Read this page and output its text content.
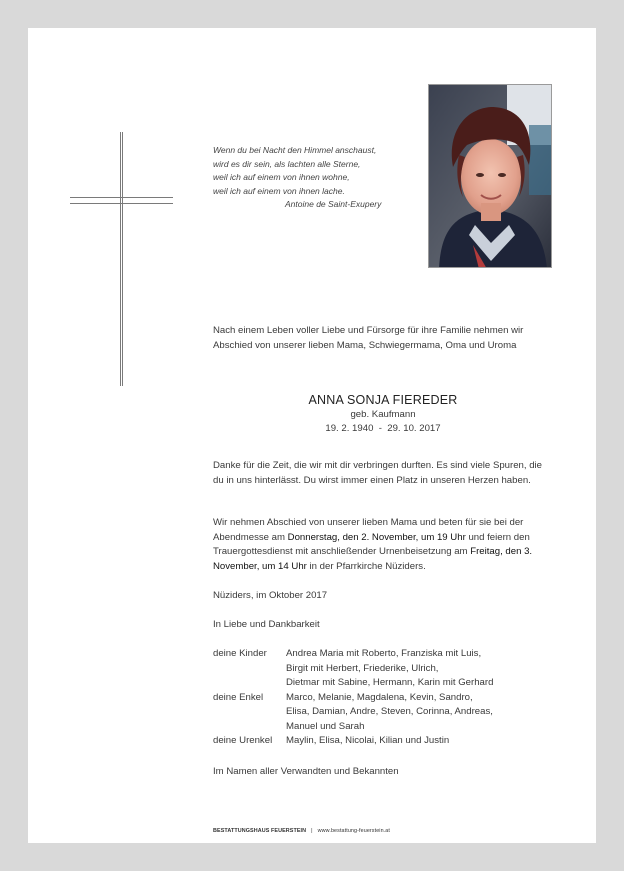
Wenn du bei Nacht den Himmel anschaust,
wird es dir sein, als lachten alle Sterne,
weil ich auf einem von ihnen wohne,
weil ich auf einem von ihnen lache.

Antoine de Saint-Exupery
Nach einem Leben voller Liebe und Fürsorge für ihre Familie nehmen wir Abschied von unserer lieben Mama, Schwiegermama, Oma und Uroma
ANNA SONJA FIEREDER
geb. Kaufmann
19. 2. 1940  -  29. 10. 2017
Danke für die Zeit, die wir mit dir verbringen durften. Es sind viele Spuren, die du in uns hinterlässt. Du wirst immer einen Platz in unseren Herzen haben.
Wir nehmen Abschied von unserer lieben Mama und beten für sie bei der Abendmesse am Donnerstag, den 2. November, um 19 Uhr und feiern den Trauergottesdienst mit anschließender Urnenbeisetzung am Freitag, den 3. November, um 14 Uhr in der Pfarrkirche Nüziders.
Nüziders, im Oktober 2017
In Liebe und Dankbarkeit
deine Kinder	Andrea Maria mit Roberto, Franziska mit Luis,
Birgit mit Herbert, Friederike, Ulrich,
Dietmar mit Sabine, Hermann, Karin mit Gerhard
deine Enkel	Marco, Melanie, Magdalena, Kevin, Sandro,
Elisa, Damian, Andre, Steven, Corinna, Andreas,
Manuel und Sarah
deine Urenkel	Maylin, Elisa, Nicolai, Kilian und Justin
Im Namen aller Verwandten und Bekannten
BESTATTUNGSHAUS FEUERSTEIN | www.bestattung-feuerstein.at
